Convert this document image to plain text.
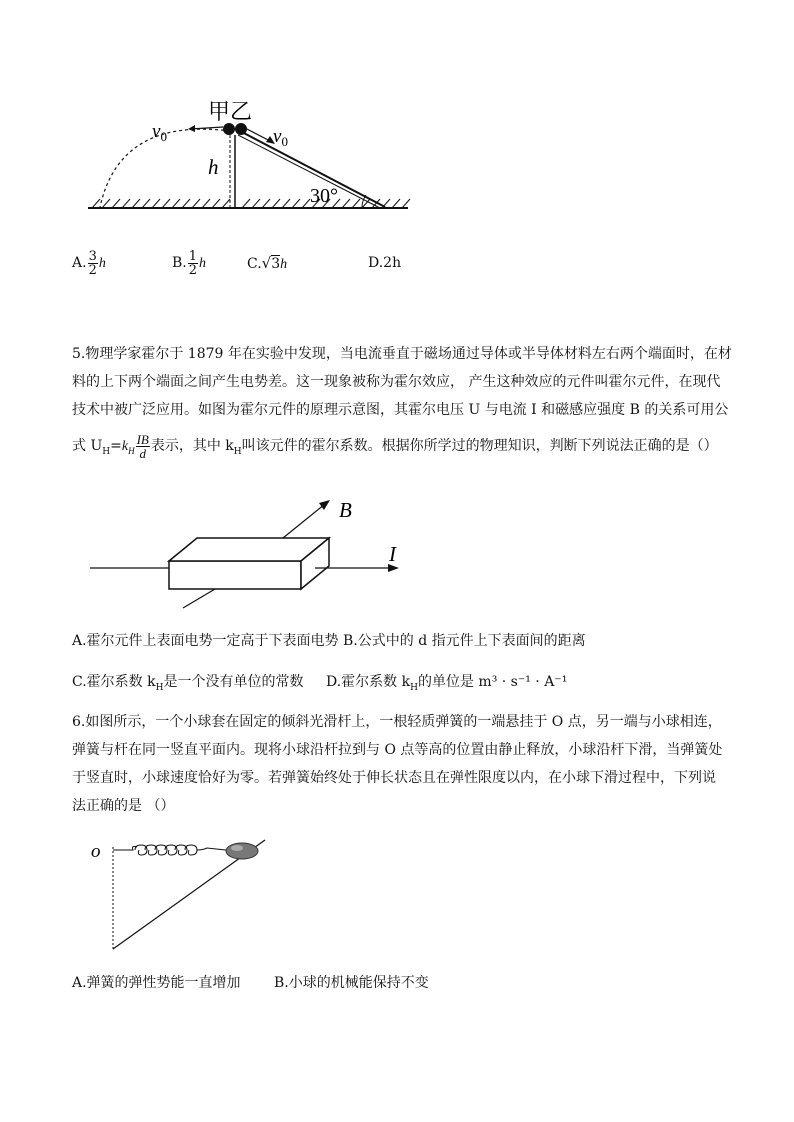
甲乙
$v_0$	$v_0$
h
30°
A. $\frac{3}{2}$ h	B. $\frac{1}{2}$ h	C.√3h	D.2h
5.物理学家霍尔于 1879 年在实验中发现，当电流垂直于磁场通过导体或半导体材料左右两个端面时，在材
料的上下两个端面之间产生电势差。这一现象被称为霍尔效应， 产生这种效应的元件叫霍尔元件，在现代
技术中被广泛应用。如图为霍尔元件的原理示意图，其霍尔电压 U 与电流 I 和磁感应强度 B 的关系可用公
式 $U_H=k_H \frac{IB}{d}$ 表示，其中 $k_H$叫该元件的霍尔系数。根据你所学过的物理知识，判断下列说法正确的是（）
B
I
A.霍尔元件上表面电势一定高于下表面电势 B.公式中的 d 指元件上下表面间的距离
C.霍尔系数 $k_H$是一个没有单位的常数 D.霍尔系数 $k_H$的单位是 m³ · s⁻¹ · A⁻¹
6.如图所示，一个小球套在固定的倾斜光滑杆上，一根轻质弹簧的一端悬挂于 O 点，另一端与小球相连，
弹簧与杆在同一竖直平面内。现将小球沿杆拉到与 O 点等高的位置由静止释放，小球沿杆下滑，当弹簧处
于竖直时，小球速度恰好为零。若弹簧始终处于伸长状态且在弹性限度以内，在小球下滑过程中，下列说
法正确的是 （）
o
A.弹簧的弹性势能一直增加 B.小球的机械能保持不变
